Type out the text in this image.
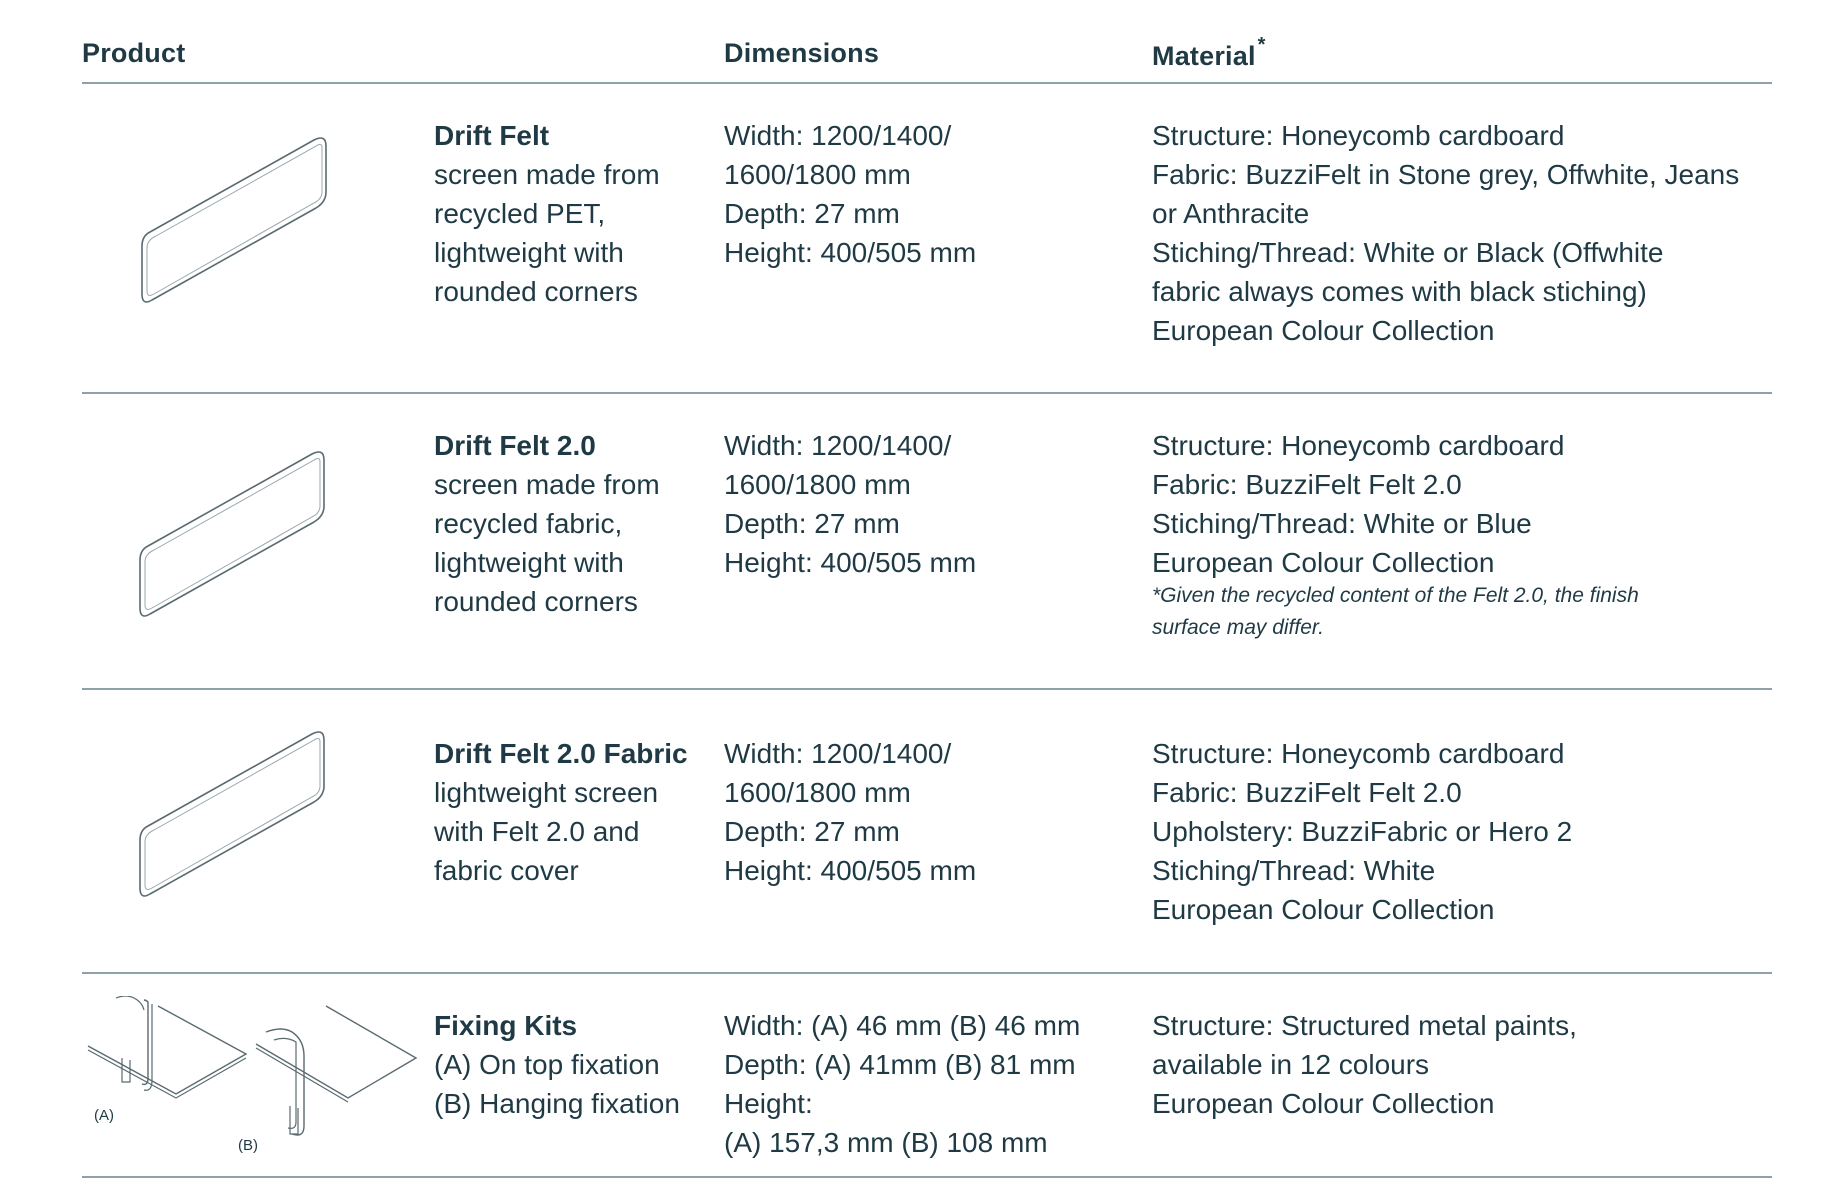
Product	Dimensions	Material *
Drift Felt
screen made from
recycled PET,
lightweight with
rounded corners
Width: 1200/1400/
1600/1800 mm
Depth: 27 mm
Height: 400/505 mm
Structure: Honeycomb cardboard
Fabric: BuzziFelt in Stone grey, Offwhite, Jeans
or Anthracite
Stiching/Thread: White or Black (Offwhite
fabric always comes with black stiching)
European Colour Collection
Drift Felt 2.0
screen made from
recycled fabric,
lightweight with
rounded corners
Width: 1200/1400/
1600/1800 mm
Depth: 27 mm
Height: 400/505 mm
Structure: Honeycomb cardboard
Fabric: BuzziFelt Felt 2.0
Stiching/Thread: White or Blue
European Colour Collection
*Given the recycled content of the Felt 2.0, the finish
surface may differ.
Drift Felt 2.0 Fabric
lightweight screen
with Felt 2.0 and
fabric cover
Width: 1200/1400/
1600/1800 mm
Depth: 27 mm
Height: 400/505 mm
Structure: Honeycomb cardboard
Fabric: BuzziFelt Felt 2.0
Upholstery: BuzziFabric or Hero 2
Stiching/Thread: White
European Colour Collection
(A)
(B)
Fixing Kits
(A) On top fixation
(B) Hanging fixation
Width: (A) 46 mm (B) 46 mm
Depth: (A) 41mm (B) 81 mm
Height:
(A) 157,3 mm (B) 108 mm
Structure: Structured metal paints,
available in 12 colours
European Colour Collection
